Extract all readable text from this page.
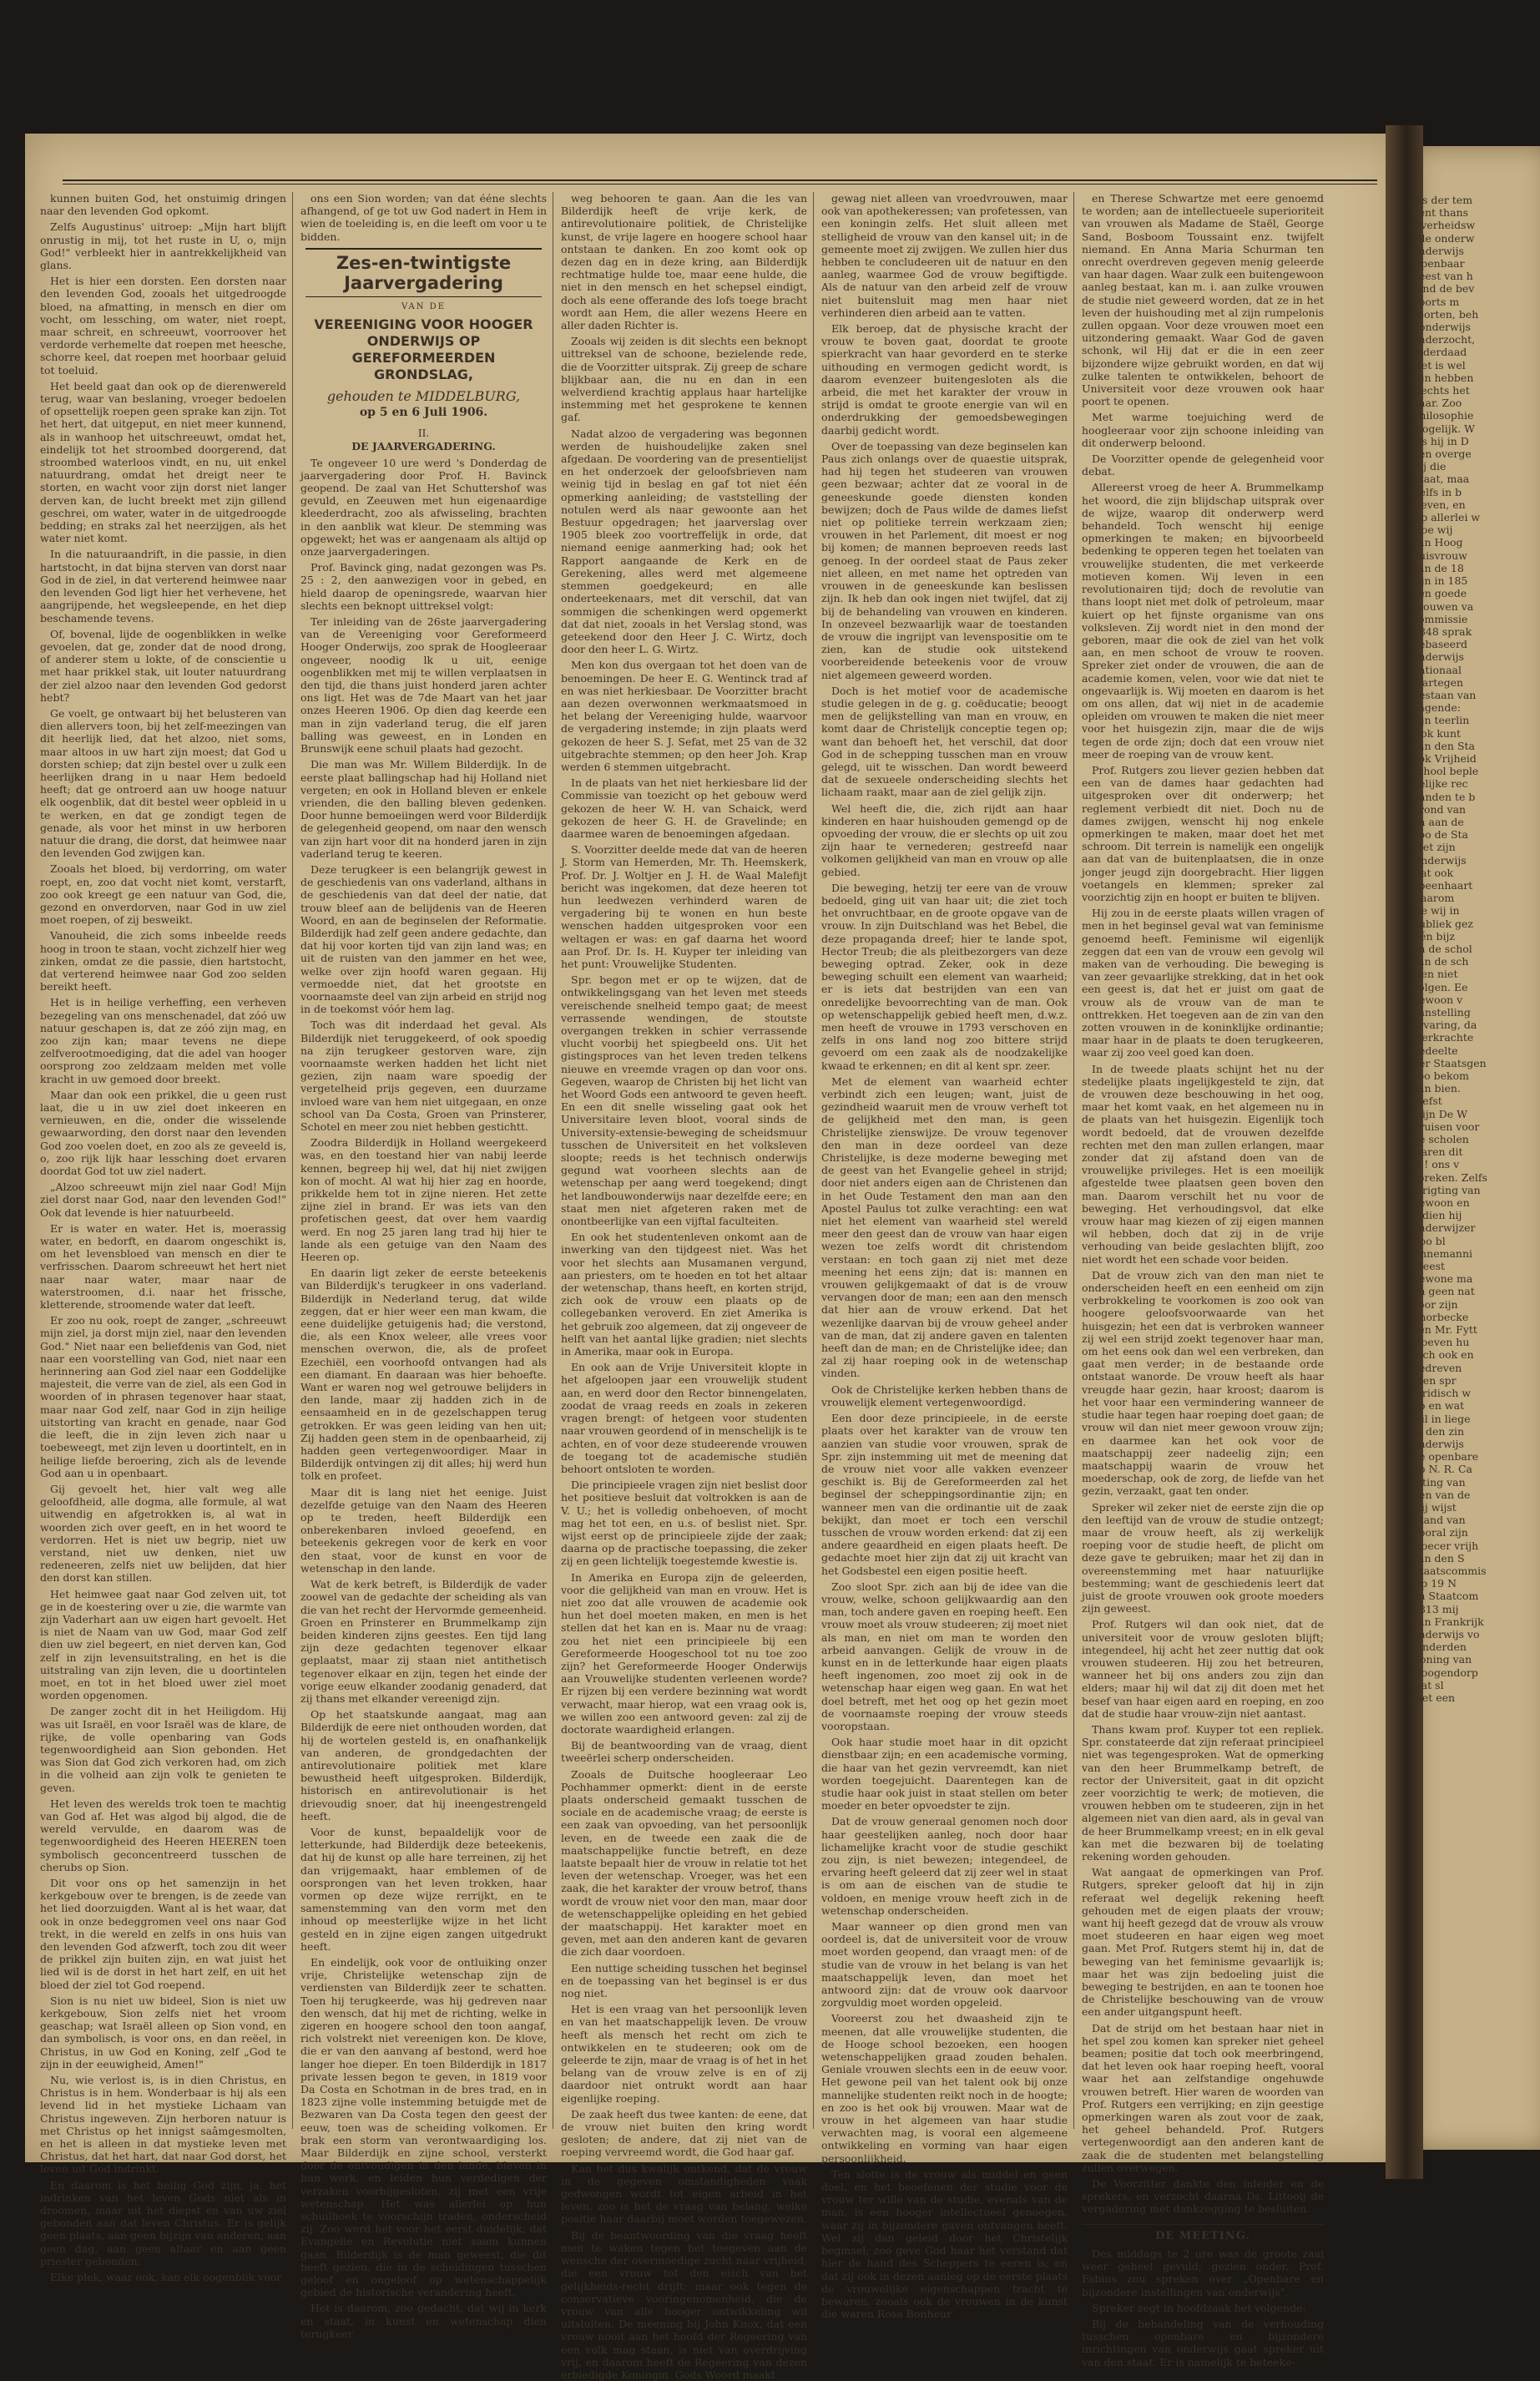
kunnen buiten God, het onstuimig dringen naar den levenden God opkomt.

Zelfs Augustinus' uitroep: „Mijn hart blijft onrustig in mij, tot het ruste in U, o, mijn God!" verbleekt hier in aantrekkelijkheid van glans.

Het is hier een dorsten. Een dorsten naar den levenden God, zooals het uitgedroogde bloed, na afmatting, in mensch en dier om vocht, om lessching, om water, niet roept, maar schreit, en schreeuwt, voorroover het verdorde verhemelte dat roepen met heesche, schorre keel, dat roepen met hoorbaar geluid tot toeluid.

Het beeld gaat dan ook op de dierenwereld terug, waar van beslaning, vroeger bedoelen of opsettelijk roepen geen sprake kan zijn. Tot het hert, dat uitgeput, en niet meer kunnend, als in wanhoop het uitschreeuwt, omdat het, eindelijk tot het stroombed doorgerend, dat stroombed waterloos vindt, en nu, uit enkel natuurdrang, omdat het dreigt neer te storten, en wacht voor zijn dorst niet langer derven kan, de lucht breekt met zijn gillend geschrei, om water, water in de uitgedroogde bedding; en straks zal het neerzijgen, als het water niet komt.

In die natuuraandrift, in die passie, in dien hartstocht, in dat bijna sterven van dorst naar God in de ziel, in dat verterend heimwee naar den levenden God ligt hier het verhevene, het aangrijpende, het wegsleepende, en het diep beschamende tevens.

Of, bovenal, lijde de oogenblikken in welke gevoelen, dat ge, zonder dat de nood drong, of anderer stem u lokte, of de conscientie u met haar prikkel stak, uit louter natuurdrang der ziel alzoo naar den levenden God gedorst hebt?

Ge voelt, ge ontwaart bij het belusteren van dien allervers toon, bij het zelf-meezingen van dit heerlijk lied, dat het alzoo, niet soms, maar altoos in uw hart zijn moest; dat God u dorsten schiep; dat zijn bestel over u zulk een heerlijken drang in u naar Hem bedoeld heeft; dat ge ontroerd aan uw hooge natuur elk oogenblik, dat dit bestel weer opbleid in u te werken, en dat ge zondigt tegen de genade, als voor het minst in uw herboren natuur die drang, die dorst, dat heimwee naar den levenden God zwijgen kan.

Zooals het bloed, bij verdorring, om water roept, en, zoo dat vocht niet komt, verstarft, zoo ook kreegt ge een natuur van God, die, gezond en onverdorven, naar God in uw ziel moet roepen, of zij besweikt.

Vanouheid, die zich soms inbeelde reeds hoog in troon te staan, vocht zichzelf hier weg zinken, omdat ze die passie, dien hartstocht, dat verterend heimwee naar God zoo selden bereikt heeft.

Het is in heilige verheffing, een verheven bezegeling van ons menschenadel, dat zóó uw natuur geschapen is, dat ze zóó zijn mag, en zoo zijn kan; maar tevens ne diepe zelfverootmoediging, dat die adel van hooger oorsprong zoo zeldzaam melden met volle kracht in uw gemoed door breekt.

Maar dan ook een prikkel, die u geen rust laat, die u in uw ziel doet inkeeren en vernieuwen, en die, onder die wisselende gewaarwording, den dorst naar den levenden God zoo voelen doet, en zoo als ze geveeld is, o, zoo rijk lijk haar lessching doet ervaren doordat God tot uw ziel nadert.

„Alzoo schreeuwt mijn ziel naar God! Mijn ziel dorst naar God, naar den levenden God!" Ook dat levende is hier natuurbeeld.

Er is water en water. Het is, moerassig water, en bedorft, en daarom ongeschikt is, om het levensbloed van mensch en dier te verfrisschen. Daarom schreeuwt het hert niet naar naar water, maar naar de waterstroomen, d.i. naar het frissche, kletterende, stroomende water dat leeft.

Er zoo nu ook, roept de zanger, „schreeuwt mijn ziel, ja dorst mijn ziel, naar den levenden God." Niet naar een beliefdenis van God, niet naar een voorstelling van God, niet naar een herinnering aan God ziel naar een Goddelijke majesteit, die verre van de ziel, als een God in woorden of in phrasen tegenover haar staat, maar naar God zelf, naar God in zijn heilige uitstorting van kracht en genade, naar God die leeft, die in zijn leven zich naar u toebeweegt, met zijn leven u doortintelt, en in heilige liefde beroering, zich als de levende God aan u in openbaart.

Gij gevoelt het, hier valt weg alle geloofdheid, alle dogma, alle formule, al wat uitwendig en afgetrokken is, al wat in woorden zich over geeft, en in het woord te verdorren. Het is niet uw begrip, niet uw verstand, niet uw denken, niet uw redeneeren, zelfs niet uw belijden, dat hier den dorst kan stillen.

Het heimwee gaat naar God zelven uit, tot ge in de koestering over u zie, die warmte van zijn Vaderhart aan uw eigen hart gevoelt. Het is niet de Naam van uw God, maar God zelf dien uw ziel begeert, en niet derven kan, God zelf in zijn levensuitstraling, en het is die uitstraling van zijn leven, die u doortintelen moet, en tot in het bloed uwer ziel moet worden opgenomen.

De zanger zocht dit in het Heiligdom. Hij was uit Israël, en voor Israël was de klare, de rijke, de volle openbaring van Gods tegenwoordigheid aan Sion gebonden. Het was Sion dat God zich verkoren had, om zich in die volheid aan zijn volk te genieten te geven.

Het leven des werelds trok toen te machtig van God af. Het was algod bij algod, die de wereld vervulde, en daarom was de tegenwoordigheid des Heeren HEEREN toen symbolisch geconcentreerd tusschen de cherubs op Sion.

Dit voor ons op het samenzijn in het kerkgebouw over te brengen, is de zeede van het lied doorzuigden. Want al is het waar, dat ook in onze bedeggromen veel ons naar God trekt, in die wereld en zelfs in ons huis van den levenden God afzwerft, toch zou dit weer de prikkel zijn buiten zijn, en wat juist het lied wil is de dorst in het hart zelf, en uit het bloed der ziel tot God roepend.

Sion is nu niet uw bideel, Sion is niet uw kerkgebouw, Sion zelfs niet het vroom geaschap; wat Israël alleen op Sion vond, en dan symbolisch, is voor ons, en dan reëel, in Christus, in uw God en Koning, zelf „God te zijn in der eeuwigheid, Amen!"

Nu, wie verlost is, is in dien Christus, en Christus is in hem. Wonderbaar is hij als een levend lid in het mystieke Lichaam van Christus ingeweven. Zijn herboren natuur is met Christus op het innigst saâmgesmolten, en het is alleen in dat mystieke leven met Christus, dat het hart, dat naar God dorst, het leven uit God indrinkt.

En daarom is het heilig God zijn, ja, het indrinken van het leven Gods niet als in droomen, maar uit het diepst en van uw ziel gebonden aan dat leven Christus. Er is gelijk geen plaats, aan geen bijzijn van anderen, aan geen dag, aan geen altaar en aan geen priester gebonden.

Elke plek, waar ook, kan elk oogenblik voor

ons een Sion worden; van dat ééne slechts afhangend, of ge tot uw God nadert in Hem in wien de toeleiding is, en die leeft om voor u te bidden.

Zes-en-twintigste Jaarvergadering
VAN DE
VEREENIGING VOOR HOOGER ONDERWIJS OP GEREFORMEERDEN GRONDSLAG,
gehouden te MIDDELBURG,
op 5 en 6 Juli 1906.
II.
DE JAARVERGADERING.

Te ongeveer 10 ure werd 's Donderdag de jaarvergadering door Prof. H. Bavinck geopend. De zaal van Het Schuttershof was gevuld, en Zeeuwen met hun eigenaardige kleederdracht, zoo als afwisseling, brachten in den aanblik wat kleur. De stemming was opgewekt; het was er aangenaam als altijd op onze jaarvergaderingen.

Prof. Bavinck ging, nadat gezongen was Ps. 25 : 2, den aanwezigen voor in gebed, en hield daarop de openingsrede, waarvan hier slechts een beknopt uittreksel volgt:

Ter inleiding van de 26ste jaarvergadering van de Vereeniging voor Gereformeerd Hooger Onderwijs, zoo sprak de Hoogleeraar ongeveer, noodig lk u uit, eenige oogenblikken met mij te willen verplaatsen in den tijd, die thans juist honderd jaren achter ons ligt. Het was de 7de Maart van het jaar onzes Heeren 1906. Op dien dag keerde een man in zijn vaderland terug, die elf jaren balling was geweest, en in Londen en Brunswijk eene schuil plaats had gezocht.

Die man was Mr. Willem Bilderdijk. In de eerste plaat ballingschap had hij Holland niet vergeten; en ook in Holland bleven er enkele vrienden, die den balling bleven gedenken. Door hunne bemoeiingen werd voor Bilderdijk de gelegenheid geopend, om naar den wensch van zijn hart voor dit na honderd jaren in zijn vaderland terug te keeren.

Deze terugkeer is een belangrijk gewest in de geschiedenis van ons vaderland, althans in de geschiedenis van dat deel der natie, dat trouw bleef aan de belijdenis van de Heeren Woord, en aan de beginselen der Reformatie. Bilderdijk had zelf geen andere gedachte, dan dat hij voor korten tijd van zijn land was; en uit de ruisten van den jammer en het wee, welke over zijn hoofd waren gegaan. Hij vermoedde niet, dat het grootste en voornaamste deel van zijn arbeid en strijd nog in de toekomst vóór hem lag.

Toch was dit inderdaad het geval. Als Bilderdijk niet teruggekeerd, of ook spoedig na zijn terugkeer gestorven ware, zijn voornaamste werken hadden het licht niet gezien, zijn naam ware spoedig der vergetelheid prijs gegeven, een duurzame invloed ware van hem niet uitgegaan, en onze school van Da Costa, Groen van Prinsterer, Schotel en meer zou niet hebben gestichtt.

Zoodra Bilderdijk in Holland weergekeerd was, en den toestand hier van nabij leerde kennen, begreep hij wel, dat hij niet zwijgen kon of mocht. Al wat hij hier zag en hoorde, prikkelde hem tot in zijne nieren. Het zette zijne ziel in brand. Er was iets van den profetischen geest, dat over hem vaardig werd. En nog 25 jaren lang trad hij hier te lande als een getuige van den Naam des Heeren op.

En daarin ligt zeker de eerste beteekenis van Bilderdijk's terugkeer in ons vaderland. Bilderdijk in Nederland terug, dat wilde zeggen, dat er hier weer een man kwam, die eene duidelijke getuigenis had; die verstond, die, als een Knox weleer, alle vrees voor menschen overwon, die, als de profeet Ezechiël, een voorhoofd ontvangen had als een diamant. En daaraan was hier behoefte. Want er waren nog wel getrouwe belijders in den lande, maar zij hadden zich in de eensaamheid en in de gezelschappen terug getrokken. Er was geen leiding van hen uit; Zij hadden geen stem in de openbaarheid, zij hadden geen vertegenwoordiger. Maar in Bilderdijk ontvingen zij dit alles; hij werd hun tolk en profeet.

Maar dit is lang niet het eenige. Juist dezelfde getuige van den Naam des Heeren op te treden, heeft Bilderdijk een onberekenbaren invloed geoefend, en beteekenis gekregen voor de kerk en voor den staat, voor de kunst en voor de wetenschap in den lande.

Wat de kerk betreft, is Bilderdijk de vader zoowel van de gedachte der scheiding als van die van het recht der Hervormde gemeenheid. Groen en Prinsterer en Brummelkamp zijn beiden kinderen zijns geestes. Een tijd lang zijn deze gedachten tegenover elkaar geplaatst, maar zij staan niet antithetisch tegenover elkaar en zijn, tegen het einde der vorige eeuw elkander zoodanig genaderd, dat zij thans met elkander vereenigd zijn.

Op het staatskunde aangaat, mag aan Bilderdijk de eere niet onthouden worden, dat hij de wortelen gesteld is, en onafhankelijk van anderen, de grondgedachten der antirevolutionaire politiek met klare bewustheid heeft uitgesproken. Bilderdijk, historisch en antirevolutionair is het drievoudig snoer, dat hij ineengestrengeld heeft.

Voor de kunst, bepaaldelijk voor de letterkunde, had Bilderdijk deze beteekenis, dat hij de kunst op alle hare terreinen, zij het dan vrijgemaakt, haar emblemen of de oorsprongen van het leven trokken, haar vormen op deze wijze rerrijkt, en te samenstemming van den vorm met den inhoud op meesterlijke wijze in het licht gesteld en in zijne eigen zangen uitgedrukt heeft.

En eindelijk, ook voor de ontluiking onzer vrije, Christelijke wetenschap zijn de verdiensten van Bilderdijk zeer te schatten. Toen hij terugkeerde, was hij gedreven naar den wensch, dat hij met de richting, welke in zigeren en hoogere school den toon aangaf, rich volstrekt niet vereenigen kon. De klove, die er van den aanvang af bestond, werd hoe langer hoe dieper. En toen Bilderdijk in 1817 private lessen begon te geven, in 1819 voor Da Costa en Schotman in de bres trad, en in 1823 zijne volle instemming betuigde met de Bezwaren van Da Costa tegen den geest der eeuw, toen was de scheiding volkomen. Er brak een storm van verontwaardiging los. Maar Bilderdijk en zijne school, versterkt door de ontvoudigen in den lande, bleven in hun werk, en leiden hun verdedigen der verzaken voorbijgesloten, zij met een vrije wetenschap. Het was allerlei op hun schuilhoek te voorschijn traden, onderscheid zij. Zoo werd het voor het eerst duidelijk, dat Evangelie en Revolutie niet saam kunnen gaan. Bilderdijk is de man geweest, die dit heeft gezien, die in de scheidingen tusschen geloof en ongeloof op wetenschappelijk gebied de historische verandering heeft.

Het is daarom, zoo gedacht, dat wij in kerk en staat, in kunst en wetenschap dien terugkeer

weg behooren te gaan. Aan die les van Bilderdijk heeft de vrije kerk, de antirevolutionaire politiek, de Christelijke kunst, de vrije lagere en hoogere school haar ontstaan te danken. En zoo komt ook op dezen dag en in deze kring, aan Bilderdijk rechtmatige hulde toe, maar eene hulde, die niet in den mensch en het schepsel eindigt, doch als eene offerande des lofs toege bracht wordt aan Hem, die aller wezens Heere en aller daden Richter is.

Zooals wij zeiden is dit slechts een beknopt uittreksel van de schoone, bezielende rede, die de Voorzitter uitsprak. Zij greep de schare blijkbaar aan, die nu en dan in een welverdiend krachtig applaus haar hartelijke instemming met het gesprokene te kennen gaf.

Nadat alzoo de vergadering was begonnen werden de huishoudelijke zaken snel afgedaan. De voordering van de presentielijst en het onderzoek der geloofsbrieven nam weinig tijd in beslag en gaf tot niet één opmerking aanleiding; de vaststelling der notulen werd als naar gewoonte aan het Bestuur opgedragen; het jaarverslag over 1905 bleek zoo voortreffelijk in orde, dat niemand eenige aanmerking had; ook het Rapport aangaande de Kerk en de Gerekening, alles werd met algemeene stemmen goedgekeurd; en alle onderteekenaars, met dit verschil, dat van sommigen die schenkingen werd opgemerkt dat dat niet, zooals in het Verslag stond, was geteekend door den Heer J. C. Wirtz, doch door den heer L. G. Wirtz.

Men kon dus overgaan tot het doen van de benoemingen. De heer E. G. Wentinck trad af en was niet herkiesbaar. De Voorzitter bracht aan dezen overwonnen werkmaatsmoed in het belang der Vereeniging hulde, waarvoor de vergadering instemde; in zijn plaats werd gekozen de heer S. J. Sefat, met 25 van de 32 uitgebrachte stemmen; op den heer Joh. Krap werden 6 stemmen uitgebracht.

In de plaats van het niet herkiesbare lid der Commissie van toezicht op het gebouw werd gekozen de heer W. H. van Schaick, werd gekozen de heer G. H. de Gravelinde; en daarmee waren de benoemingen afgedaan.

S. Voorzitter deelde mede dat van de heeren J. Storm van Hemerden, Mr. Th. Heemskerk, Prof. Dr. J. Woltjer en J. H. de Waal Malefijt bericht was ingekomen, dat deze heeren tot hun leedwezen verhinderd waren de vergadering bij te wonen en hun beste wenschen hadden uitgesproken voor een weltagen er was: en gaf daarna het woord aan Prof. Dr. Is. H. Kuyper ter inleiding van het punt: Vrouwelijke Studenten.

Spr. begon met er op te wijzen, dat de ontwikkelingsgang van het leven met steeds vereischende snelheid tempo gaat; de meest verrassende wendingen, de stoutste overgangen trekken in schier verrassende vlucht voorbij het spiegbeeld ons. Uit het gistingsproces van het leven treden telkens nieuwe en vreemde vragen op dan voor ons. Gegeven, waarop de Christen bij het licht van het Woord Gods een antwoord te geven heeft. En een dit snelle wisseling gaat ook het Universitaire leven bloot, vooral sinds de University-extensie-beweging de scheidsmuur tusschen de Universiteit en het volksleven sloopte; reeds is het technisch onderwijs gegund wat voorheen slechts aan de wetenschap per aang werd toegekend; dingt het landbouwonderwijs naar dezelfde eere; en staat men niet afgeteren raken met de onontbeerlijke van een vijftal faculteiten.

En ook het studentenleven onkomt aan de inwerking van den tijdgeest niet. Was het voor het slechts aan Musamanen vergund, aan priesters, om te hoeden en tot het altaar der wetenschap, thans heeft, en korten strijd, zich ook de vrouw een plaats op de collegebanken veroverd. En ziet Amerika is het gebruik zoo algemeen, dat zij ongeveer de helft van het aantal lijke gradien; niet slechts in Amerika, maar ook in Europa.

En ook aan de Vrije Universiteit klopte in het afgeloopen jaar een vrouwelijk student aan, en werd door den Rector binnengelaten, zoodat de vraag reeds en zoals in zekeren vragen brengt: of hetgeen voor studenten naar vrouwen geordend of in menschelijk is te achten, en of voor deze studeerende vrouwen de toegang tot de academische studiën behoort ontsloten te worden.

Die principieele vragen zijn niet beslist door het positieve besluit dat voltrokken is aan de V. U.; het is volledig onbehoeven, of mocht mag het tot een, en u.s. of beslist niet. Spr. wijst eerst op de principieele zijde der zaak; daarna op de practische toepassing, die zeker zij en geen lichtelijk toegestemde kwestie is.

In Amerika en Europa zijn de geleerden, voor die gelijkheid van man en vrouw. Het is niet zoo dat alle vrouwen de academie ook hun het doel moeten maken, en men is het stellen dat het kan en is. Maar nu de vraag: zou het niet een principieele bij een Gereformeerde Hoogeschool tot nu toe zoo zijn? het Gereformeerde Hooger Onderwijs aan Vrouwelijke studenten verleenen worde? Er rijzen bij een verdere bezinning wat wordt verwacht, maar hierop, wat een vraag ook is, we willen zoo een antwoord geven: zal zij de doctorate waardigheid erlangen.

Bij de beantwoording van de vraag, dient tweeërlei scherp onderscheiden.

Zooals de Duitsche hoogleeraar Leo Pochhammer opmerkt: dient in de eerste plaats onderscheid gemaakt tusschen de sociale en de academische vraag; de eerste is een zaak van opvoeding, van het persoonlijk leven, en de tweede een zaak die de maatschappelijke functie betreft, en deze laatste bepaalt hier de vrouw in relatie tot het leven der wetenschap. Vroeger, was het een zaak, die het karakter der vrouw betrof, thans wordt de vrouw niet voor den man, maar door de wetenschappelijke opleiding en het gebied der maatschappij. Het karakter moet en geven, met aan den anderen kant de gevaren die zich daar voordoen.

Een nuttige scheiding tusschen het beginsel en de toepassing van het beginsel is er dus nog niet.

Het is een vraag van het persoonlijk leven en van het maatschappelijk leven. De vrouw heeft als mensch het recht om zich te ontwikkelen en te studeeren; ook om de geleerde te zijn, maar de vraag is of het in het belang van de vrouw zelve is en of zij daardoor niet ontrukt wordt aan haar eigenlijke roeping.

De zaak heeft dus twee kanten: de eene, dat de vrouw niet buiten den kring wordt gesloten; de andere, dat zij niet van de roeping vervreemd wordt, die God haar gaf.

Kan het dus kwalijk ontkend, dat de vrouw in de gegeven omstandigheden vaak gedwongen wordt tot eigen arbeid in het leven, zoo is het de vraag van belang, welke positie haar daarbij moet worden toegewezen.

Bij de beantwoording van die vraag heeft men te waken tegen het toegeven aan de wensche der overmoedige zucht naar vrijheid, die een vrouw tot den eisch van het gelijkheids-recht drijft; maar ook tegen de conservatieve vooringenomenheid, die de vrouw van alle hooger ontwikkeling wil uitsluiten. De meening bij John Knox, dat een vrouw nooit aan het hoofd der Regeering van een volk mag staan, is niet van overdrijving vrij, en daarom heeft de Regeering van dezen erbiedigde Koningin. Gods Woord maakt

gewag niet alleen van vroedvrouwen, maar ook van apothekeressen; van profetessen, van een koningin zelfs. Het sluit alleen met stelligheid de vrouw van den kansel uit; in de gemeente moet zij zwijgen. We zullen hier dus hebben te concludeeren uit de natuur en den aanleg, waarmee God de vrouw begiftigde. Als de natuur van den arbeid zelf de vrouw niet buitensluit mag men haar niet verhinderen dien arbeid aan te vatten.

Elk beroep, dat de physische kracht der vrouw te boven gaat, doordat te groote spierkracht van haar gevorderd en te sterke uithouding en vermogen gedicht wordt, is daarom evenzeer buitengesloten als die arbeid, die met het karakter der vrouw in strijd is omdat te groote energie van wil en onderdrukking der gemoedsbewegingen daarbij gedicht wordt.

Over de toepassing van deze beginselen kan Paus zich onlangs over de quaestie uitsprak, had hij tegen het studeeren van vrouwen geen bezwaar; achter dat ze vooral in de geneeskunde goede diensten konden bewijzen; doch de Paus wilde de dames liefst niet op politieke terrein werkzaam zien; vrouwen in het Parlement, dit moest er nog bij komen; de mannen beproeven reeds last genoeg. In der oordeel staat de Paus zeker niet alleen, en met name het optreden van vrouwen in de geneeskunde kan beslissen zijn. Ik heb dan ook ingen niet twijfel, dat zij bij de behandeling van vrouwen en kinderen. In onzeveel bezwaarlijk waar de toestanden de vrouw die ingrijpt van levenspositie om te zien, kan de studie ook uitstekend voorbereidende beteekenis voor de vrouw niet algemeen geweerd worden.

Doch is het motief voor de academische studie gelegen in de g. g. coëducatie; beoogt men de gelijkstelling van man en vrouw, en komt daar de Christelijk conceptie tegen op; want dan behoeft het, het verschil, dat door God in de schepping tusschen man en vrouw gelegd, uit te wisschen. Dan wordt beweerd dat de sexueele onderscheiding slechts het lichaam raakt, maar aan de ziel gelijk zijn.

Wel heeft die, die, zich rijdt aan haar kinderen en haar huishouden gemengd op de opvoeding der vrouw, die er slechts op uit zou zijn haar te vernederen; gestreefd naar volkomen gelijkheid van man en vrouw op alle gebied.

Die beweging, hetzij ter eere van de vrouw bedoeld, ging uit van haar uit; die ziet toch het onvruchtbaar, en de groote opgave van de vrouw. In zijn Duitschland was het Bebel, die deze propaganda dreef; hier te lande spot, Hector Treub; die als pleitbezorgers van deze beweging optrad. Zeker, ook in deze beweging schuilt een element van waarheid; er is iets dat bestrijden van een van onredelijke bevoorrechting van de man. Ook op wetenschappelijk gebied heeft men, d.w.z. men heeft de vrouwe in 1793 verschoven en zelfs in ons land nog zoo bittere strijd gevoerd om een zaak als de noodzakelijke kwaad te erkennen; en dit al kent spr. zeer.

Met de element van waarheid echter verbindt zich een leugen; want, juist de gezindheid waaruit men de vrouw verheft tot de gelijkheid met den man, is geen Christelijke zienswijze. De vrouw tegenover den man in deze oordeel van deze Christelijke, is deze moderne beweging met de geest van het Evangelie geheel in strijd; door niet anders eigen aan de Christenen dan in het Oude Testament den man aan den Apostel Paulus tot zulke verachting: een wat niet het element van waarheid stel wereld meer den geest dan de vrouw van haar eigen wezen toe zelfs wordt dit christendom verstaan: en toch gaan zij niet met deze meening het eens zijn; dat is: mannen en vrouwen gelijkgemaakt of dat is de vrouw vervangen door de man; een aan den mensch dat hier aan de vrouw erkend. Dat het wezenlijke daarvan bij de vrouw geheel ander van de man, dat zij andere gaven en talenten heeft dan de man; en de Christelijke idee; dan zal zij haar roeping ook in de wetenschap vinden.

Ook de Christelijke kerken hebben thans de vrouwelijk element vertegenwoordigd.

Een door deze principieele, in de eerste plaats over het karakter van de vrouw ten aanzien van studie voor vrouwen, sprak de Spr. zijn instemming uit met de meening dat de vrouw niet voor alle vakken evenzeer geschikt is. Bij de Gereformeerden zal het beginsel der scheppingsordinantie zijn; en wanneer men van die ordinantie uit de zaak bekijkt, dan moet er toch een verschil tusschen de vrouw worden erkend: dat zij een andere geaardheid en eigen plaats heeft. De gedachte moet hier zijn dat zij uit kracht van het Godsbestel een eigen positie heeft.

Zoo sloot Spr. zich aan bij de idee van die vrouw, welke, schoon gelijkwaardig aan den man, toch andere gaven en roeping heeft. Een vrouw moet als vrouw studeeren; zij moet niet als man, en niet om man te worden den arbeid aanvangen. Gelijk de vrouw in de kunst en in de letterkunde haar eigen plaats heeft ingenomen, zoo moet zij ook in de wetenschap haar eigen weg gaan. En wat het doel betreft, met het oog op het gezin moet de voornaamste roeping der vrouw steeds vooropstaan.

Ook haar studie moet haar in dit opzicht dienstbaar zijn; en een academische vorming, die haar van het gezin vervreemdt, kan niet worden toegejuicht. Daarentegen kan de studie haar ook juist in staat stellen om beter moeder en beter opvoedster te zijn.

Dat de vrouw generaal genomen noch door haar geestelijken aanleg, noch door haar lichamelijke kracht voor de studie geschikt zou zijn, is niet bewezen; integendeel, de ervaring heeft geleerd dat zij zeer wel in staat is om aan de eischen van de studie te voldoen, en menige vrouw heeft zich in de wetenschap onderscheiden.

Maar wanneer op dien grond men van oordeel is, dat de universiteit voor de vrouw moet worden geopend, dan vraagt men: of de studie van de vrouw in het belang is van het maatschappelijk leven, dan moet het antwoord zijn: dat de vrouw ook daarvoor zorgvuldig moet worden opgeleid.

Vooreerst zou het dwaasheid zijn te meenen, dat alle vrouwelijke studenten, die de Hooge school bezoeken, een hoogen wetenschappelijken graad zouden behalen. Geniale vrouwen slechts een in de eeuw voor. Het gewone peil van het talent ook bij onze mannelijke studenten reikt noch in de hoogte; en zoo is het ook bij vrouwen. Maar wat de vrouw in het algemeen van haar studie verwachten mag, is vooral een algemeene ontwikkeling en vorming van haar eigen persoonlijkheid.

Ten slotte is de vrouw als middel en geen doel, en het beoefenen der studie voor de vrouw ter wille van de studie, evenals van de man, is een hooger intellectueel genoegen, waar zij in bijzondere gaven ontvangen heeft. Wel zij dan geleid door het Christelijk beginsel; zoo geve God haar het verstand dat hier de hand des Scheppers te eeren is; en dat zij ook in dezen aanleg op de eerste plaats de vrouwelijke eigenschappen tracht te bewaren, zooals ook de vrouwen in de kunst die waren Rosa Bonheur

en Therese Schwartze met eere genoemd te worden; aan de intellectueele superioriteit van vrouwen als Madame de Staël, George Sand, Bosboom Toussaint enz. twijfelt niemand. En Anna Maria Schurman ten onrecht overdreven gegeven menig geleerde van haar dagen. Waar zulk een buitengewoon aanleg bestaat, kan m. i. aan zulke vrouwen de studie niet geweerd worden, dat ze in het leven der huishouding met al zijn rumpelonis zullen opgaan. Voor deze vrouwen moet een uitzondering gemaakt. Waar God de gaven schonk, wil Hij dat er die in een zeer bijzondere wijze gebruikt worden, en dat wij zulke talenten te ontwikkelen, behoort de Universiteit voor deze vrouwen ook haar poort te openen.

Met warme toejuiching werd de hoogleeraar voor zijn schoone inleiding van dit onderwerp beloond.

De Voorzitter opende de gelegenheid voor debat.

Allereerst vroeg de heer A. Brummelkamp het woord, die zijn blijdschap uitsprak over de wijze, waarop dit onderwerp werd behandeld. Toch wenscht hij eenige opmerkingen te maken; en bijvoorbeeld bedenking te opperen tegen het toelaten van vrouwelijke studenten, die met verkeerde motieven komen. Wij leven in een revolutionairen tijd; doch de revolutie van thans loopt niet met dolk of petroleum, maar kuiert op het fijnste organisme van ons volksleven. Zij wordt niet in den mond der geboren, maar die ook de ziel van het volk aan, en men schoot de vrouw te rooven. Spreker ziet onder de vrouwen, die aan de academie komen, velen, voor wie dat niet te ongevaarlijk is. Wij moeten en daarom is het om ons allen, dat wij niet in de academie opleiden om vrouwen te maken die niet meer voor het huisgezin zijn, maar die de wijs tegen de orde zijn; doch dat een vrouw niet meer de roeping van de vrouw kent.

Prof. Rutgers zou liever gezien hebben dat een van de dames haar gedachten had uitgesproken over dit onderwerp; het reglement verbiedt dit niet. Doch nu de dames zwijgen, wenscht hij nog enkele opmerkingen te maken, maar doet het met schroom. Dit terrein is namelijk een ongelijk aan dat van de buitenplaatsen, die in onze jonger jeugd zijn doorgebracht. Hier liggen voetangels en klemmen; spreker zal voorzichtig zijn en hoopt er buiten te blijven.

Hij zou in de eerste plaats willen vragen of men in het beginsel geval wat van feminisme genoemd heeft. Feminisme wil eigenlijk zeggen dat een van de vrouw een gevolg wil maken van de verhouding. Die beweging is van zeer gevaarlijke strekking, dat in het ook een geest is, dat het er juist om gaat de vrouw als de vrouw van de man te onttrekken. Het toegeven aan de zin van den zotten vrouwen in de koninklijke ordinantie; maar haar in de plaats te doen terugkeeren, waar zij zoo veel goed kan doen.

In de tweede plaats schijnt het nu der stedelijke plaats ingelijkgesteld te zijn, dat de vrouwen deze beschouwing in het oog, maar het komt vaak, en het algemeen nu in de plaats van het huisgezin. Eigenlijk toch wordt bedoeld, dat de vrouwen dezelfde rechten met den man zullen erlangen, maar zonder dat zij afstand doen van de vrouwelijke privileges. Het is een moeilijk afgestelde twee plaatsen geen boven den man. Daarom verschilt het nu voor de beweging. Het verhoudingsvol, dat elke vrouw haar mag kiezen of zij eigen mannen wil hebben, doch dat zij in de vrije verhouding van beide geslachten blijft, zoo niet wordt het een schade voor beiden.

Dat de vrouw zich van den man niet te onderscheiden heeft en een eenheid om zijn verbrokkeling te voorkomen is zoo ook van hoogere geloofsvoorwaarde van het huisgezin; het een dat is verbroken wanneer zij wel een strijd zoekt tegenover haar man, om het eens ook dan wel een verbreken, dan gaat men verder; in de bestaande orde ontstaat wanorde. De vrouw heeft als haar vreugde haar gezin, haar kroost; daarom is het voor haar een vermindering wanneer de studie haar tegen haar roeping doet gaan; de vrouw wil dan niet meer gewoon vrouw zijn; en daarmee kan het ook voor de maatschappij zeer nadeelig zijn; een maatschappij waarin de vrouw het moederschap, ook de zorg, de liefde van het gezin, verzaakt, gaat ten onder.

Spreker wil zeker niet de eerste zijn die op den leeftijd van de vrouw de studie ontzegt; maar de vrouw heeft, als zij werkelijk roeping voor de studie heeft, de plicht om deze gave te gebruiken; maar het zij dan in overeenstemming met haar natuurlijke bestemming; want de geschiedenis leert dat juist de groote vrouwen ook groote moeders zijn geweest.

Prof. Rutgers wil dan ook niet, dat de universiteit voor de vrouw gesloten blijft; integendeel, hij acht het zeer nuttig dat ook vrouwen studeeren. Hij zou het betreuren, wanneer het bij ons anders zou zijn dan elders; maar hij wil dat zij dit doen met het besef van haar eigen aard en roeping, en zoo dat de studie haar vrouw-zijn niet aantast.

Thans kwam prof. Kuyper tot een repliek. Spr. constateerde dat zijn referaat principieel niet was tegengesproken. Wat de opmerking van den heer Brummelkamp betreft, de rector der Universiteit, gaat in dit opzicht zeer voorzichtig te werk; de motieven, die vrouwen hebben om te studeeren, zijn in het algemeen niet van dien aard, als in geval van de heer Brummelkamp vreest; en in elk geval kan met die bezwaren bij de toelating rekening worden gehouden.

Wat aangaat de opmerkingen van Prof. Rutgers, spreker gelooft dat hij in zijn referaat wel degelijk rekening heeft gehouden met de eigen plaats der vrouw; want hij heeft gezegd dat de vrouw als vrouw moet studeeren en haar eigen weg moet gaan. Met Prof. Rutgers stemt hij in, dat de beweging van het feminisme gevaarlijk is; maar het was zijn bedoeling juist die beweging te bestrijden, en aan te toonen hoe de Christelijke beschouwing van de vrouw een ander uitgangspunt heeft.

Dat de strijd om het bestaan haar niet in het spel zou komen kan spreker niet geheel beamen; positie dat toch ook meerbringend, dat het leven ook haar roeping heeft, vooral waar het aan zelfstandige ongehuwde vrouwen betreft. Hier waren de woorden van Prof. Rutgers een verrijking; en zijn geestige opmerkingen waren als zout voor de zaak, het geheel behandeld. Prof. Rutgers vertegenwoordigt aan den anderen kant de zaak die de studenten met belangstelling zullen overwegen.

De Voorzitter dankte den inleider en de sprekers, en verzocht daarna Ds. Littooij de vergadering met dankzegging te besluiten.

DE MEETING.

Des middags te 2 ure was de groote zaal weer geheel gevuld; gezien onder, Prof. Fabius zou spreken over „Openbare en bijzondere instellingen van onderwijs".

Spreker zegt in hoofdzaak het volgende:

Bij de behandeling van de verhouding tusschen openbare en bijzondere inrichtingen van onderwijs gaat spreker uit van den staat. Er is namelijk te beteeke-

nis der tem
kent thans
Overheidsw
alle onderw
onderwijs
Openbaar
geest van h
tend de bev
Voorts m
soorten, beh
bonderwijs
onderzocht,
Inderdaad
Het is wel
zijn hebben
slechts het
haar. Zoo
Philosophie
mogelijk. W
als hij in D
den overge
Bij die
Staat, maa
Zelfs in b
sieven, en
Op allerlei w
Hoe wij
van Hoog
huisvrouw
van de 18
zijn in 185
Ten goede
vrouwen va
commissie
1848 sprak
gebaseerd
onderwijs
nationaal
Wartegen
bestaan van
aagende:
zijn teerlin
Ook kunt
van den Sta
ook Vrijheid
school beple
gelijke rec
handen te b
grond van
en aan de
koo de Sta
Met zijn
Onderwijs
Dat ook
opeenhaart
Daarom
zie wij in
publiek gez
Eén bijz
en de schol
van de sch
zien niet
volgen. Ee
gewoon v
aanstelling
ervaring, da
leerkrachte
gedeelte
der Staatsgen
zoo bekom
van bien.
Liefst
mijn De W
Pruisen voor
de scholen
waren dit
O ! ons v
spreken. Zelfs
inrigting van
gewoon en
indien hij
onderwijzer
Zoo bl
Ennemanni
Meest
gewone ma
en geen nat
voor zijn
Thorbecke
een Mr. Fytt
Hoeven hu
toch ook en
gedreven
Men spr
juridisch w
op en wat
wil in liege
in den zin
onderwijs
de openbare
op N. R. Ca
uiting van
hen van de
Hij wijst
Stand van
Vooral zijn
Hoecer vrijh
van den S
Staatscommis
Op 19 N
en Staatcom
1813 mij
van Frankrijk
onderwijs vo
hinderden
Koning van
Hoogendorp
wat sl
met een
